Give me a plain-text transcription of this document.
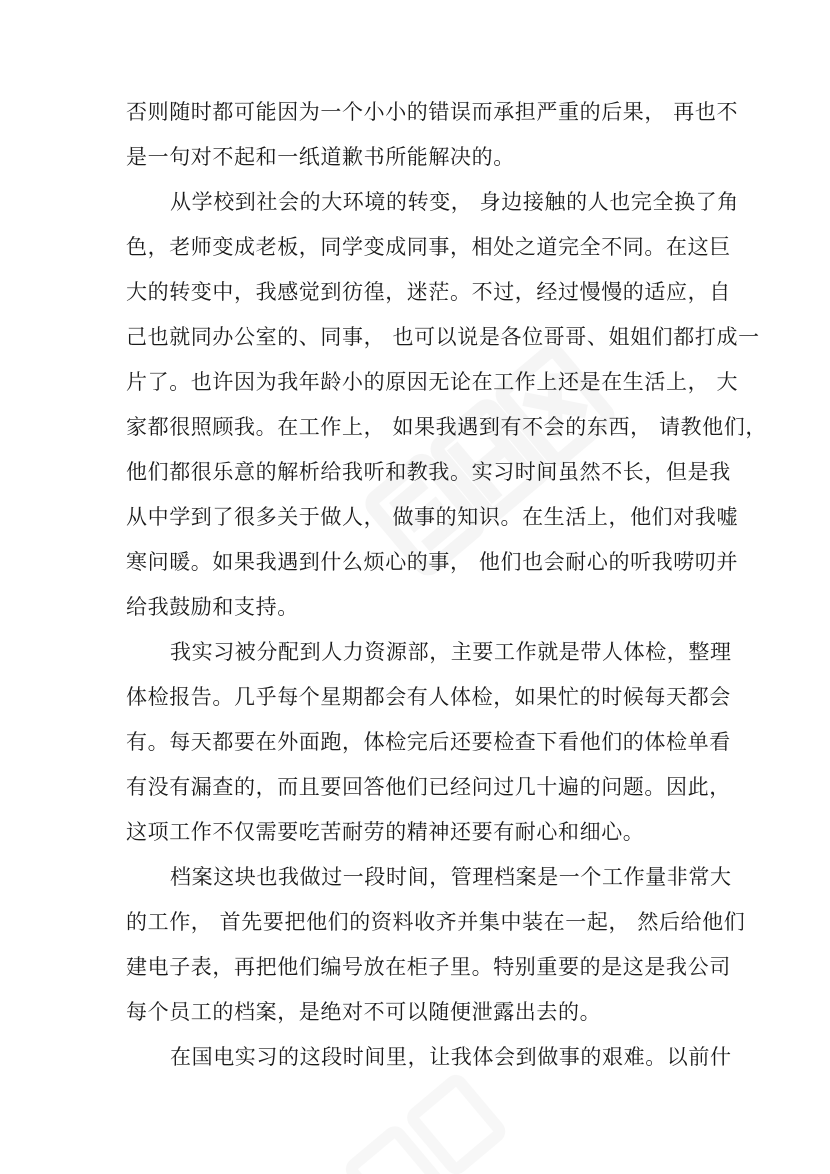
否则随时都可能因为一个小小的错误而承担严重的后果， 再也不
是一句对不起和一纸道歉书所能解决的。
从学校到社会的大环境的转变， 身边接触的人也完全换了角
色，老师变成老板，同学变成同事，相处之道完全不同。在这巨
大的转变中，我感觉到彷徨，迷茫。不过，经过慢慢的适应，自
己也就同办公室的、同事， 也可以说是各位哥哥、姐姐们都打成一
片了。也许因为我年龄小的原因无论在工作上还是在生活上， 大
家都很照顾我。在工作上， 如果我遇到有不会的东西， 请教他们，
他们都很乐意的解析给我听和教我。实习时间虽然不长，但是我
从中学到了很多关于做人， 做事的知识。在生活上，他们对我嘘
寒问暖。如果我遇到什么烦心的事， 他们也会耐心的听我唠叨并
给我鼓励和支持。
我实习被分配到人力资源部，主要工作就是带人体检，整理
体检报告。几乎每个星期都会有人体检，如果忙的时候每天都会
有。每天都要在外面跑，体检完后还要检查下看他们的体检单看
有没有漏查的，而且要回答他们已经问过几十遍的问题。因此，
这项工作不仅需要吃苦耐劳的精神还要有耐心和细心。
档案这块也我做过一段时间，管理档案是一个工作量非常大
的工作， 首先要把他们的资料收齐并集中装在一起， 然后给他们
建电子表，再把他们编号放在柜子里。特别重要的是这是我公司
每个员工的档案，是绝对不可以随便泄露出去的。
在国电实习的这段时间里，让我体会到做事的艰难。以前什
